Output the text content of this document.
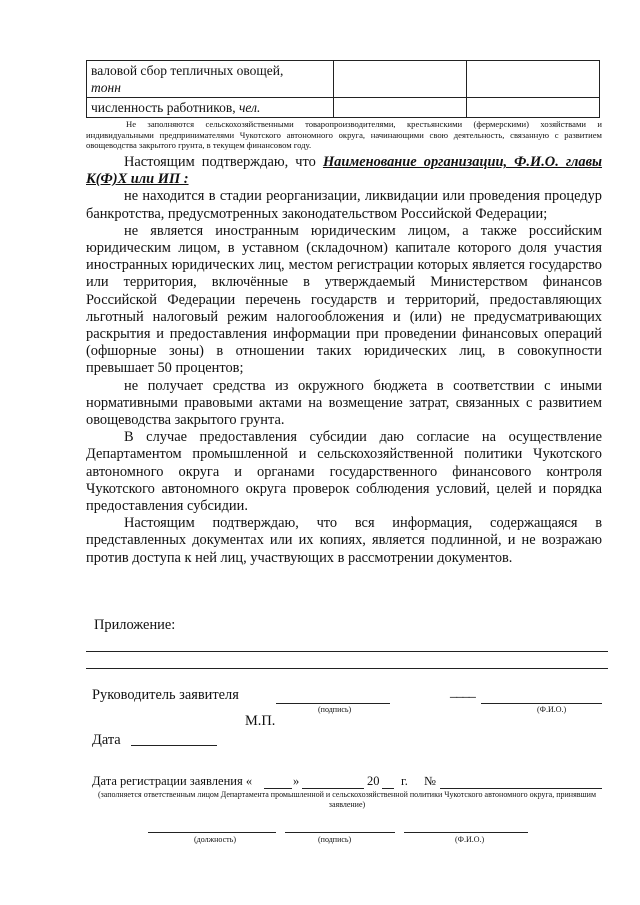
валовой сбор тепличных овощей,
тонн		
численность работников, чел.		
Не заполняются сельскохозяйственными товаропроизводителями, крестьянскими (фермерскими) хозяйствами и индивидуальными предпринимателями Чукотского автономного округа, начинающими свою деятельность, связанную с развитием овощеводства закрытого грунта, в текущем финансовом году.

Настоящим подтверждаю, что Наименование организации, Ф.И.О. главы К(Ф)Х или ИП :

не находится в стадии реорганизации, ликвидации или проведения процедур банкротства, предусмотренных законодательством Российской Федерации;

не является иностранным юридическим лицом, а также российским юридическим лицом, в уставном (складочном) капитале которого доля участия иностранных юридических лиц, местом регистрации которых является государство или территория, включённые в утверждаемый Министерством финансов Российской Федерации перечень государств и территорий, предоставляющих льготный налоговый режим налогообложения и (или) не предусматривающих раскрытия и предоставления информации при проведении финансовых операций (офшорные зоны) в отношении таких юридических лиц, в совокупности превышает 50 процентов;

не получает средства из окружного бюджета в соответствии с иными нормативными правовыми актами на возмещение затрат, связанных с развитием овощеводства закрытого грунта.

В случае предоставления субсидии даю согласие на осуществление Департаментом промышленной и сельскохозяйственной политики Чукотского автономного округа и органами государственного финансового контроля Чукотского автономного округа проверок соблюдения условий, целей и порядка предоставления субсидии.

Настоящим подтверждаю, что вся информация, содержащаяся в представленных документах или их копиях, является подлинной, и не возражаю против доступа к ней лиц, участвующих в рассмотрении документов.

Приложение:
Руководитель заявителя
(подпись)
____
(Ф.И.О.)
М.П.
Дата
Дата регистрации заявления «	»	20 г. №
(заполняется ответственным лицом Департамента промышленной и сельскохозяйственной политики Чукотского автономного округа, принявшим заявление)
(должность)	(подпись)	(Ф.И.О.)
